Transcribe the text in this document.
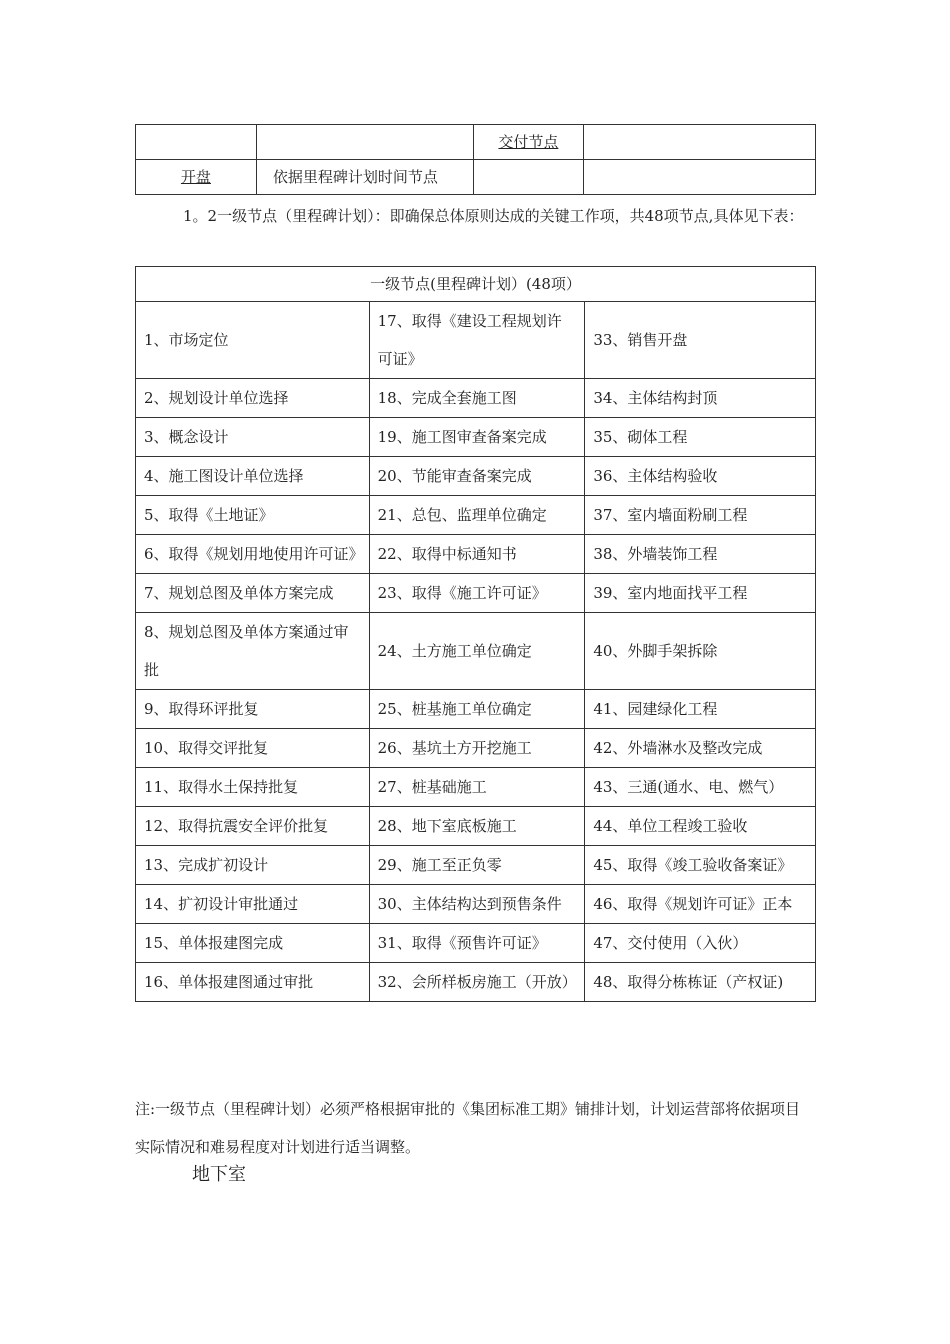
		交付节点	
开盘	依据里程碑计划时间节点		

1。2一级节点（里程碑计划）：即确保总体原则达成的关键工作项，共48项节点,具体见下表：

一级节点(里程碑计划）(48项）		
1、市场定位	17、取得《建设工程规划许可证》	33、销售开盘
2、规划设计单位选择	18、完成全套施工图	34、主体结构封顶
3、概念设计	19、施工图审查备案完成	35、砌体工程
4、施工图设计单位选择	20、节能审查备案完成	36、主体结构验收
5、取得《土地证》	21、总包、监理单位确定	37、室内墙面粉刷工程
6、取得《规划用地使用许可证》	22、取得中标通知书	38、外墙装饰工程
7、规划总图及单体方案完成	23、取得《施工许可证》	39、室内地面找平工程
8、规划总图及单体方案通过审批	24、土方施工单位确定	40、外脚手架拆除
9、取得环评批复	25、桩基施工单位确定	41、园建绿化工程
10、取得交评批复	26、基坑土方开挖施工	42、外墙淋水及整改完成
11、取得水土保持批复	27、桩基础施工	43、三通(通水、电、燃气）
12、取得抗震安全评价批复	28、地下室底板施工	44、单位工程竣工验收
13、完成扩初设计	29、施工至正负零	45、取得《竣工验收备案证》
14、扩初设计审批通过	30、主体结构达到预售条件	46、取得《规划许可证》正本
15、单体报建图完成	31、取得《预售许可证》	47、交付使用（入伙）
16、单体报建图通过审批	32、会所样板房施工（开放）	48、取得分栋栋证（产权证)

注:一级节点（里程碑计划）必须严格根据审批的《集团标准工期》铺排计划，计划运营部将依据项目实际情况和难易程度对计划进行适当调整。

地下室
